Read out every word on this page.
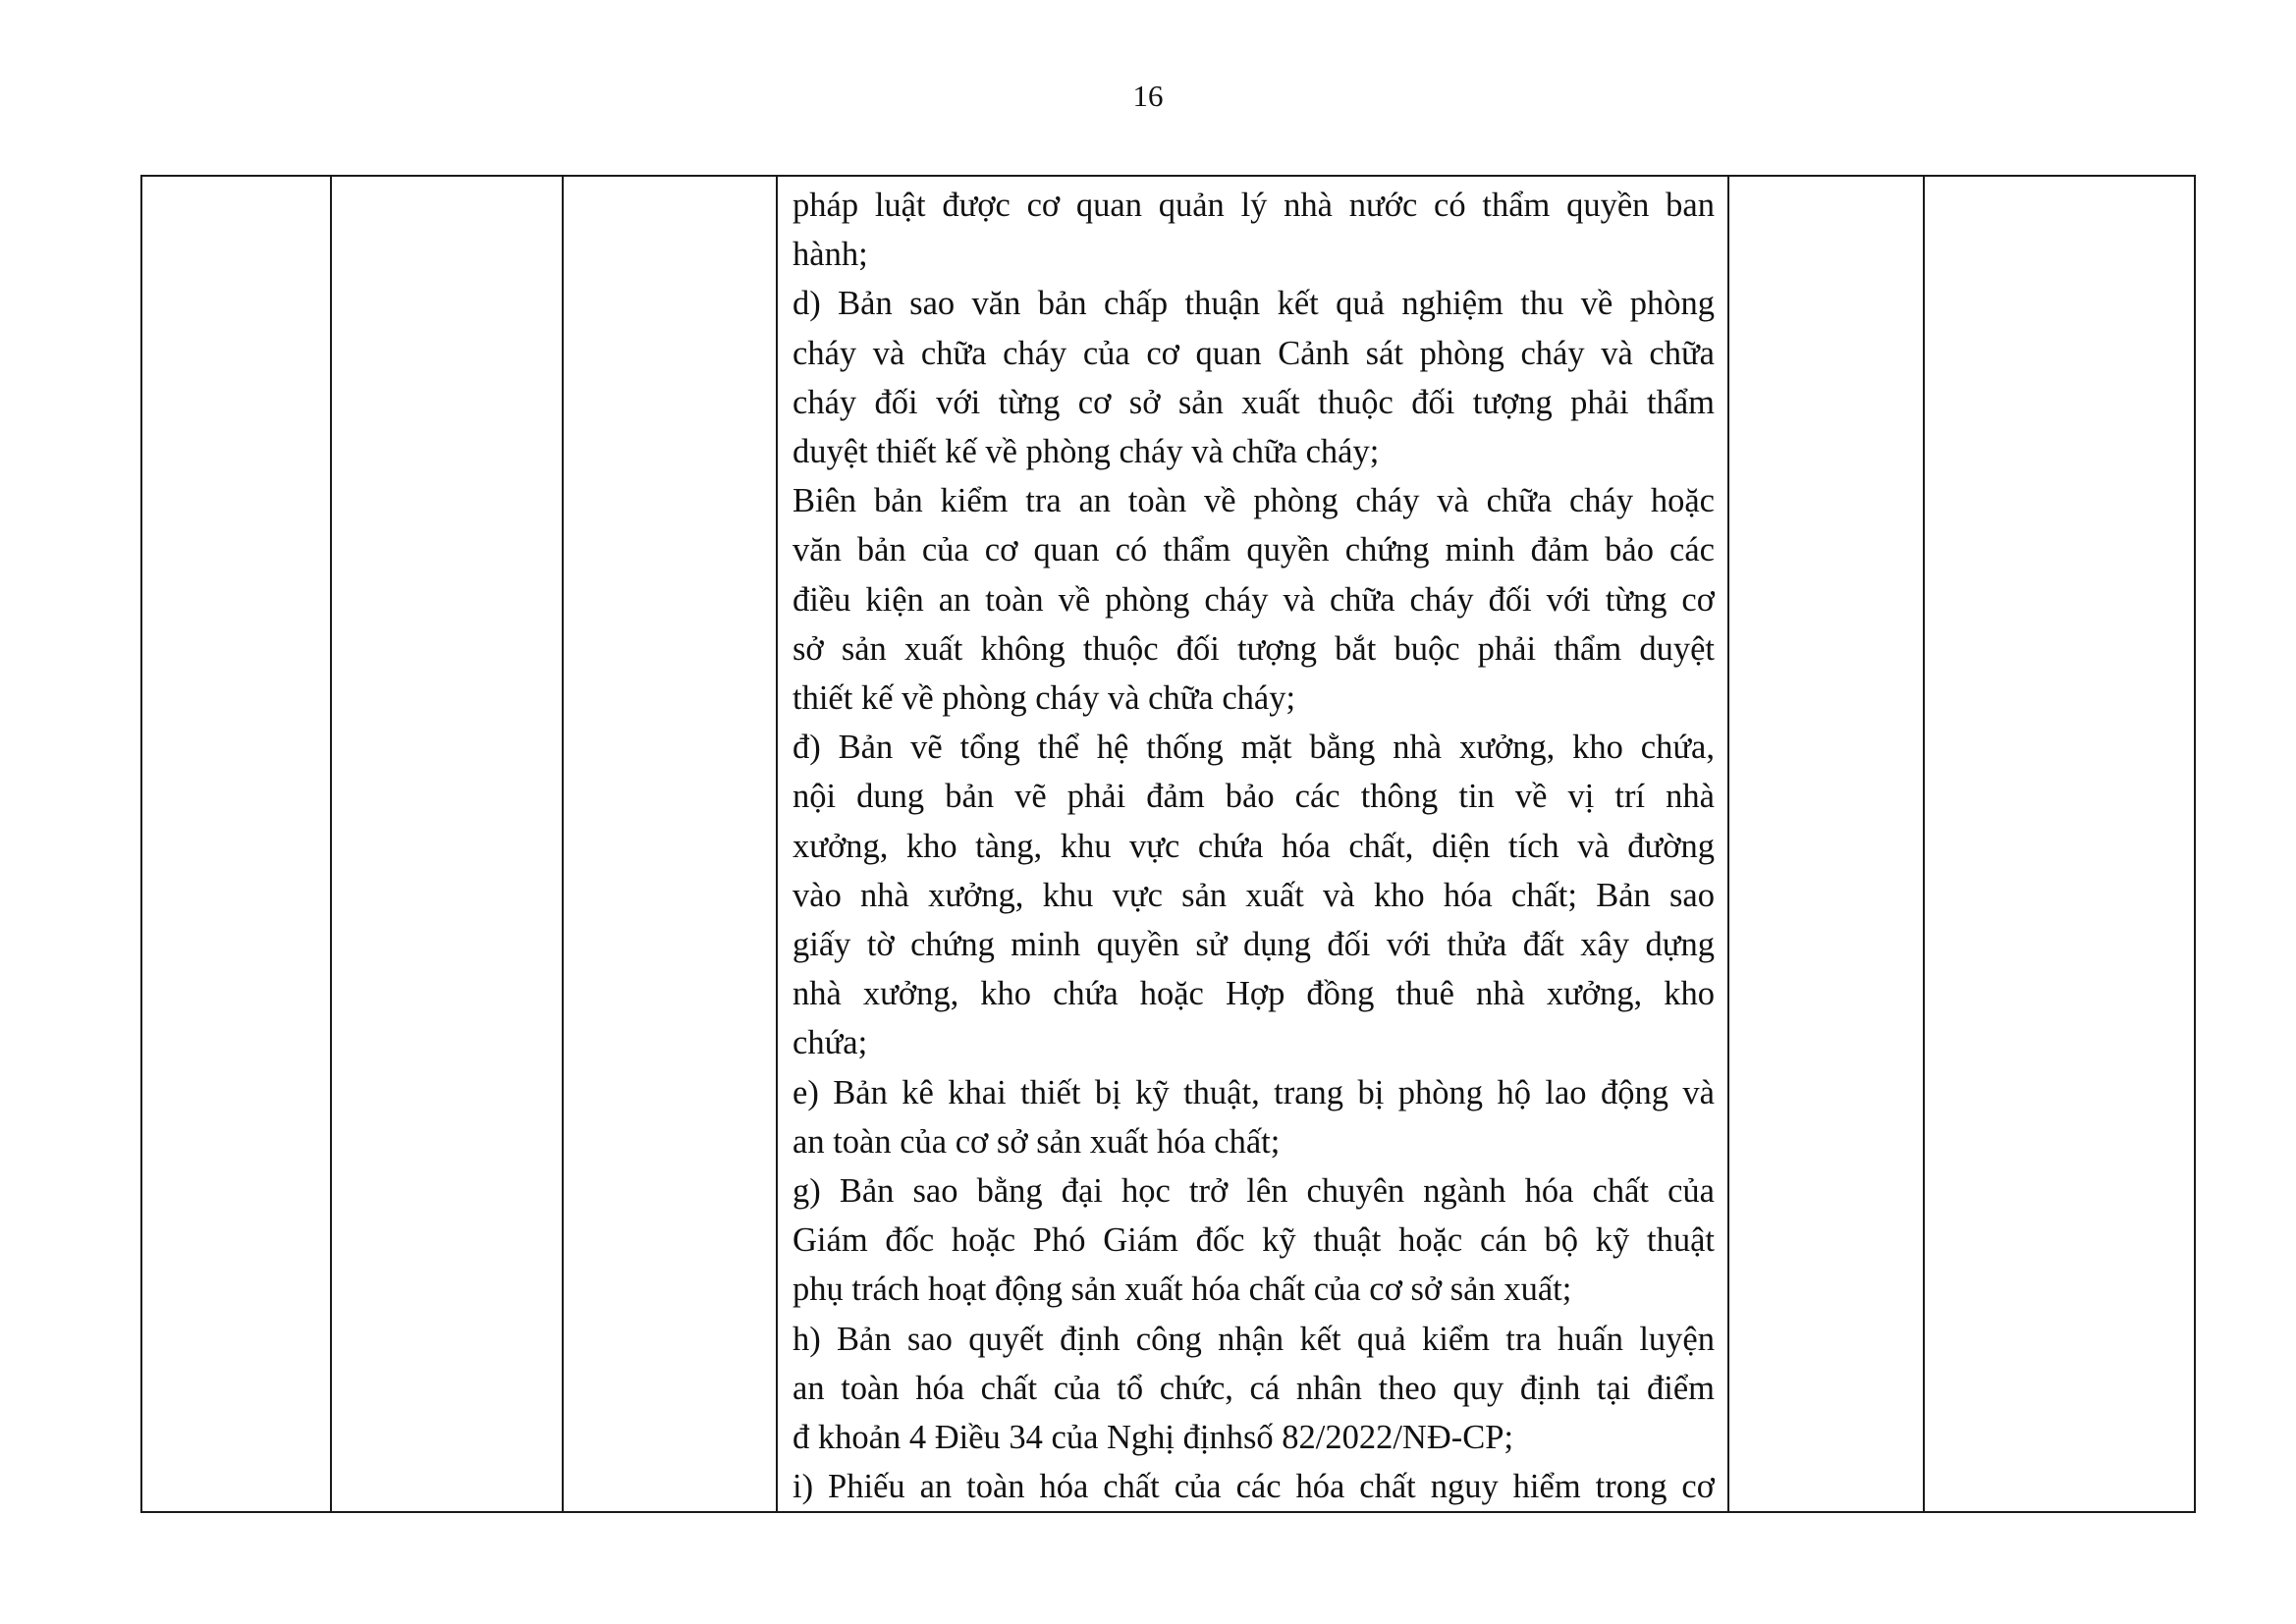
16

pháp luật được cơ quan quản lý nhà nước có thẩm quyền ban

hành;

d) Bản sao văn bản chấp thuận kết quả nghiệm thu về phòng

cháy và chữa cháy của cơ quan Cảnh sát phòng cháy và chữa

cháy đối với từng cơ sở sản xuất thuộc đối tượng phải thẩm

duyệt thiết kế về phòng cháy và chữa cháy;

Biên bản kiểm tra an toàn về phòng cháy và chữa cháy hoặc

văn bản của cơ quan có thẩm quyền chứng minh đảm bảo các

điều kiện an toàn về phòng cháy và chữa cháy đối với từng cơ

sở sản xuất không thuộc đối tượng bắt buộc phải thẩm duyệt

thiết kế về phòng cháy và chữa cháy;

đ) Bản vẽ tổng thể hệ thống mặt bằng nhà xưởng, kho chứa,

nội dung bản vẽ phải đảm bảo các thông tin về vị trí nhà

xưởng, kho tàng, khu vực chứa hóa chất, diện tích và đường

vào nhà xưởng, khu vực sản xuất và kho hóa chất; Bản sao

giấy tờ chứng minh quyền sử dụng đối với thửa đất xây dựng

nhà xưởng, kho chứa hoặc Hợp đồng thuê nhà xưởng, kho

chứa;

e) Bản kê khai thiết bị kỹ thuật, trang bị phòng hộ lao động và

an toàn của cơ sở sản xuất hóa chất;

g) Bản sao bằng đại học trở lên chuyên ngành hóa chất của

Giám đốc hoặc Phó Giám đốc kỹ thuật hoặc cán bộ kỹ thuật

phụ trách hoạt động sản xuất hóa chất của cơ sở sản xuất;

h) Bản sao quyết định công nhận kết quả kiểm tra huấn luyện

an toàn hóa chất của tổ chức, cá nhân theo quy định tại điểm

đ khoản 4 Điều 34 của Nghị địnhsố 82/2022/NĐ-CP;

i) Phiếu an toàn hóa chất của các hóa chất nguy hiểm trong cơ
